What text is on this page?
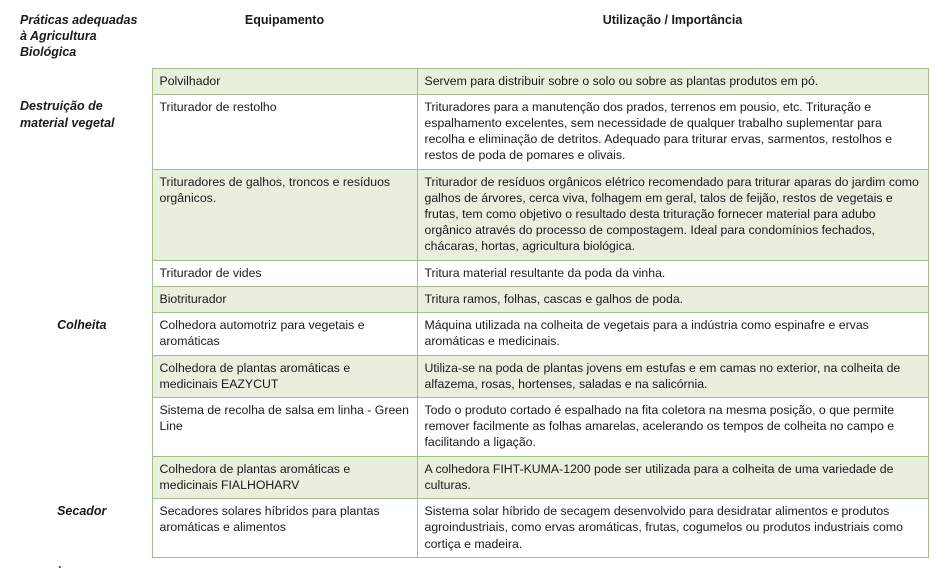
Práticas adequadas à Agricultura Biológica	Equipamento	Utilização / Importância
	Polvilhador	Servem para distribuir sobre o solo ou sobre as plantas produtos em pó.
Destruição de material vegetal	Triturador de restolho	Trituradores para a manutenção dos prados, terrenos em pousio, etc. Trituração e espalhamento excelentes, sem necessidade de qualquer trabalho suplementar para recolha e eliminação de detritos. Adequado para triturar ervas, sarmentos, restolhos e restos de poda de pomares e olivais.
	Trituradores de galhos, troncos e resíduos orgânicos.	Triturador de resíduos orgânicos elétrico recomendado para triturar aparas do jardim como galhos de árvores, cerca viva, folhagem em geral, talos de feijão, restos de vegetais e frutas, tem como objetivo o resultado desta trituração fornecer material para adubo orgânico através do processo de compostagem. Ideal para condomínios fechados, chácaras, hortas, agricultura biológica.
	Triturador de vides	Tritura material resultante da poda da vinha.
	Biotriturador	Tritura ramos, folhas, cascas e galhos de poda.
Colheita	Colhedora automotriz para vegetais e aromáticas	Máquina utilizada na colheita de vegetais para a indústria como espinafre e ervas aromáticas e medicinais.
	Colhedora de plantas aromáticas e medicinais EAZYCUT	Utiliza-se na poda de plantas jovens em estufas e em camas no exterior, na colheita de alfazema, rosas, hortenses, saladas e na salicórnia.
	Sistema de recolha de salsa em linha - Green Line	Todo o produto cortado é espalhado na fita coletora na mesma posição, o que permite remover facilmente as folhas amarelas, acelerando os tempos de colheita no campo e facilitando a ligação.
	Colhedora de plantas aromáticas e medicinais FIALHOHARV	A colhedora FIHT-KUMA-1200 pode ser utilizada para a colheita de uma variedade de culturas.
Secador	Secadores solares híbridos para plantas aromáticas e alimentos	Sistema solar híbrido de secagem desenvolvido para desidratar alimentos e produtos agroindustriais, como ervas aromáticas, frutas, cogumelos ou produtos industriais como cortiça e madeira.
.
